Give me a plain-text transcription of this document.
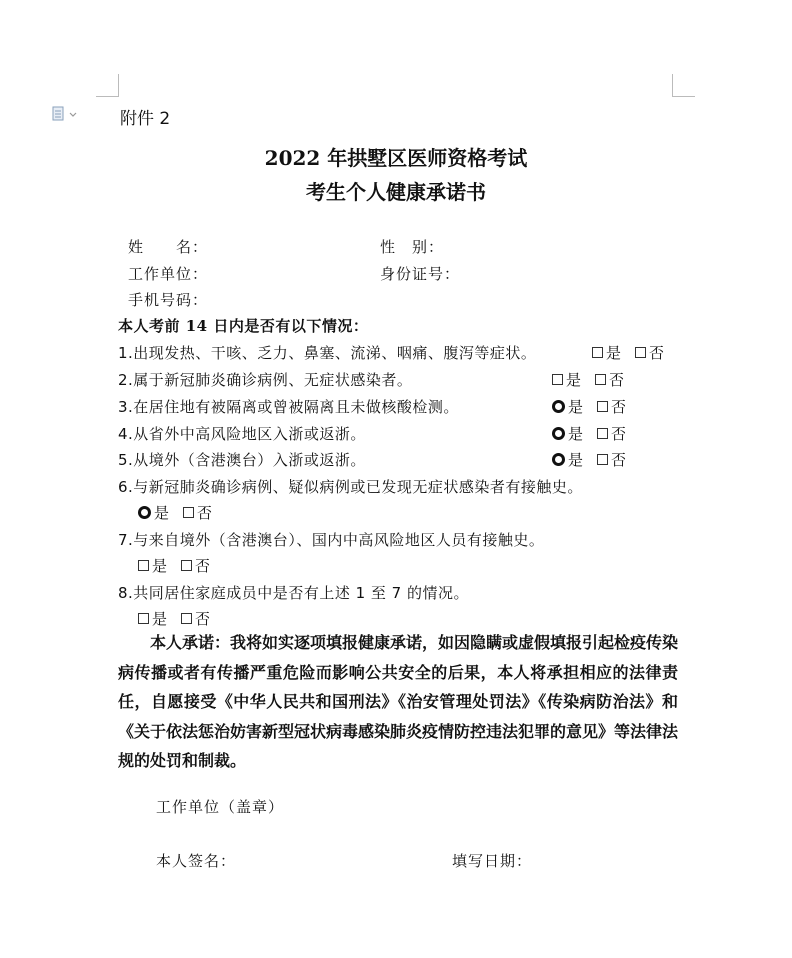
附件 2
2022 年拱墅区医师资格考试
考生个人健康承诺书
姓　　名：	性　别：
工作单位：	身份证号：
手机号码：
本人考前 14 日内是否有以下情况：
1.出现发热、干咳、乏力、鼻塞、流涕、咽痛、腹泻等症状。	是 否
2.属于新冠肺炎确诊病例、无症状感染者。	是 否
3.在居住地有被隔离或曾被隔离且未做核酸检测。	是 否
4.从省外中高风险地区入浙或返浙。	是 否
5.从境外（含港澳台）入浙或返浙。	是 否
6.与新冠肺炎确诊病例、疑似病例或已发现无症状感染者有接触史。
是 否
7.与来自境外（含港澳台）、国内中高风险地区人员有接触史。
是 否
8.共同居住家庭成员中是否有上述 1 至 7 的情况。
是 否
本人承诺：我将如实逐项填报健康承诺，如因隐瞒或虚假填报引起检疫传染病传播或者有传播严重危险而影响公共安全的后果，本人将承担相应的法律责任，自愿接受《中华人民共和国刑法》《治安管理处罚法》《传染病防治法》和《关于依法惩治妨害新型冠状病毒感染肺炎疫情防控违法犯罪的意见》等法律法规的处罚和制裁。
工作单位（盖章）
本人签名：	填写日期：
